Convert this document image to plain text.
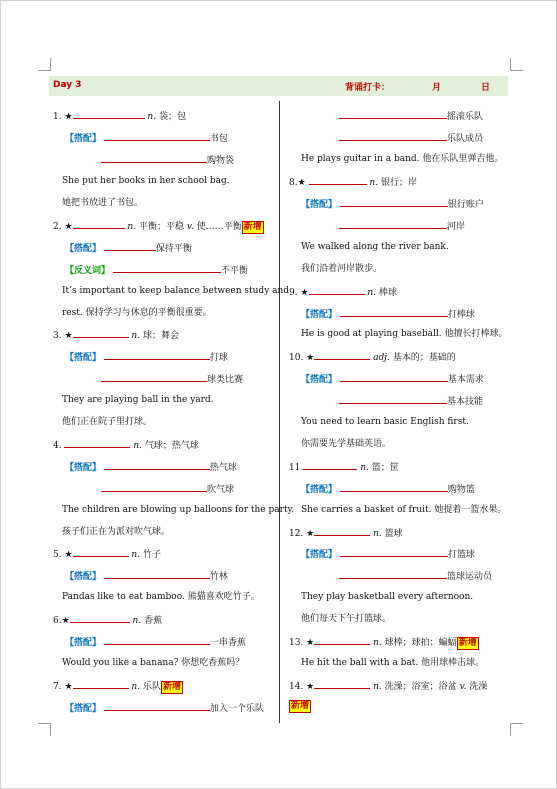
Day 3	背诵打卡：	月	日
1. ★	n. 袋；包
【搭配】	书包
购物袋
She put her books in her school bag.
她把书放进了书包。
2. ★	n. 平衡；平稳 v. 使……平衡 新增
【搭配】	保持平衡
【反义词】	不平衡
It’s important to keep balance between study and
rest. 保持学习与休息的平衡很重要。
3. ★	n. 球；舞会
【搭配】	打球
球类比赛
They are playing ball in the yard.
他们正在院子里打球。
4.	n. 气球；热气球
【搭配】	热气球
吹气球
The children are blowing up balloons for the party.
孩子们正在为派对吹气球。
5. ★	n. 竹子
【搭配】	竹林
Pandas like to eat bamboo. 熊猫喜欢吃竹子。
6.★	n. 香蕉
【搭配】	一串香蕉
Would you like a banana? 你想吃香蕉吗？
7. ★	n. 乐队 新增
【搭配】	加入一个乐队
摇滚乐队
乐队成员
He plays guitar in a band. 他在乐队里弹吉他。
8.★	n. 银行；岸
【搭配】	银行账户
河岸
We walked along the river bank.
我们沿着河岸散步。
9. ★	n. 棒球
【搭配】	打棒球
He is good at playing baseball. 他擅长打棒球。
10. ★	adj. 基本的；基础的
【搭配】	基本需求
基本技能
You need to learn basic English first.
你需要先学基础英语。
11.	n. 篮；筐
【搭配】	购物篮
She carries a basket of fruit. 她提着一篮水果。
12. ★	n. 篮球
【搭配】	打篮球
篮球运动员
They play basketball every afternoon.
他们每天下午打篮球。
13. ★	n. 球棒；球拍；蝙蝠 新增
He hit the ball with a bat. 他用球棒击球。
14. ★	n. 洗澡；浴室；浴盆 v. 洗澡
新增
